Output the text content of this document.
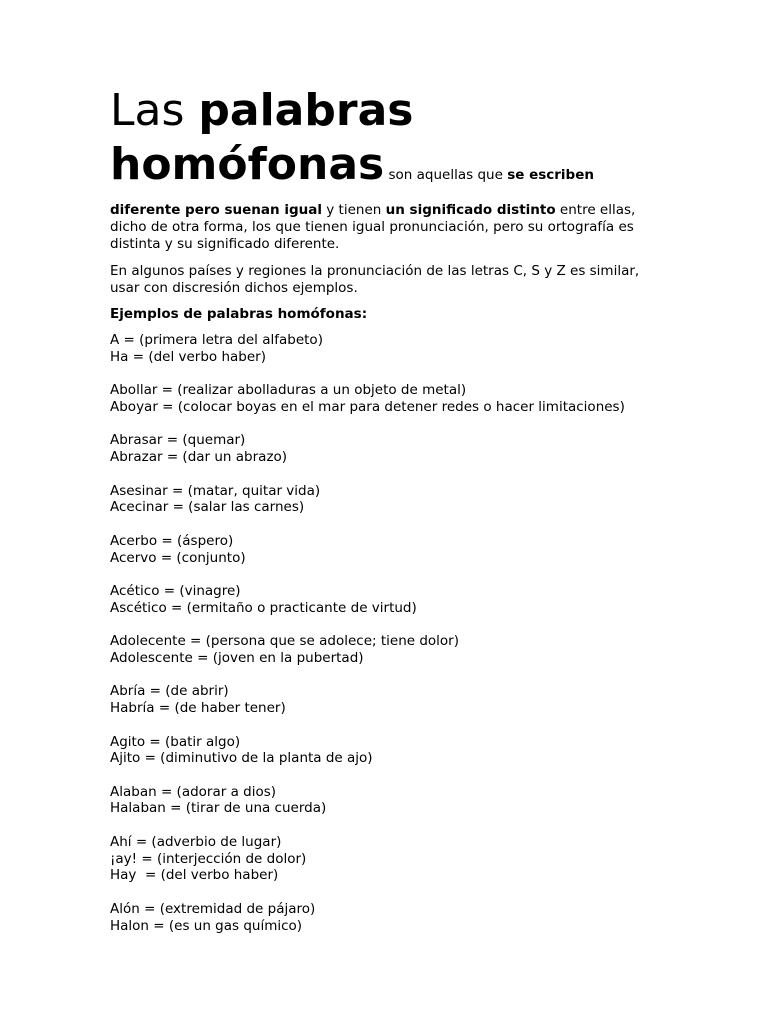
Las palabras
homófonas son aquellas que se escriben

diferente pero suenan igual y tienen un significado distinto entre ellas, dicho de otra forma, los que tienen igual pronunciación, pero su ortografía es distinta y su significado diferente.

En algunos países y regiones la pronunciación de las letras C, S y Z es similar, usar con discresión dichos ejemplos.

Ejemplos de palabras homófonas:
A = (primera letra del alfabeto)
Ha = (del verbo haber)
Abollar = (realizar abolladuras a un objeto de metal)
Aboyar = (colocar boyas en el mar para detener redes o hacer limitaciones)
Abrasar = (quemar)
Abrazar = (dar un abrazo)
Asesinar = (matar, quitar vida)
Acecinar = (salar las carnes)
Acerbo = (áspero)
Acervo = (conjunto)
Acético = (vinagre)
Ascético = (ermitaño o practicante de virtud)
Adolecente = (persona que se adolece; tiene dolor)
Adolescente = (joven en la pubertad)
Abría = (de abrir)
Habría = (de haber tener)
Agito = (batir algo)
Ajito = (diminutivo de la planta de ajo)
Alaban = (adorar a dios)
Halaban = (tirar de una cuerda)
Ahí = (adverbio de lugar)
¡ay! = (interjección de dolor)
Hay  = (del verbo haber)
Alón = (extremidad de pájaro)
Halon = (es un gas químico)
